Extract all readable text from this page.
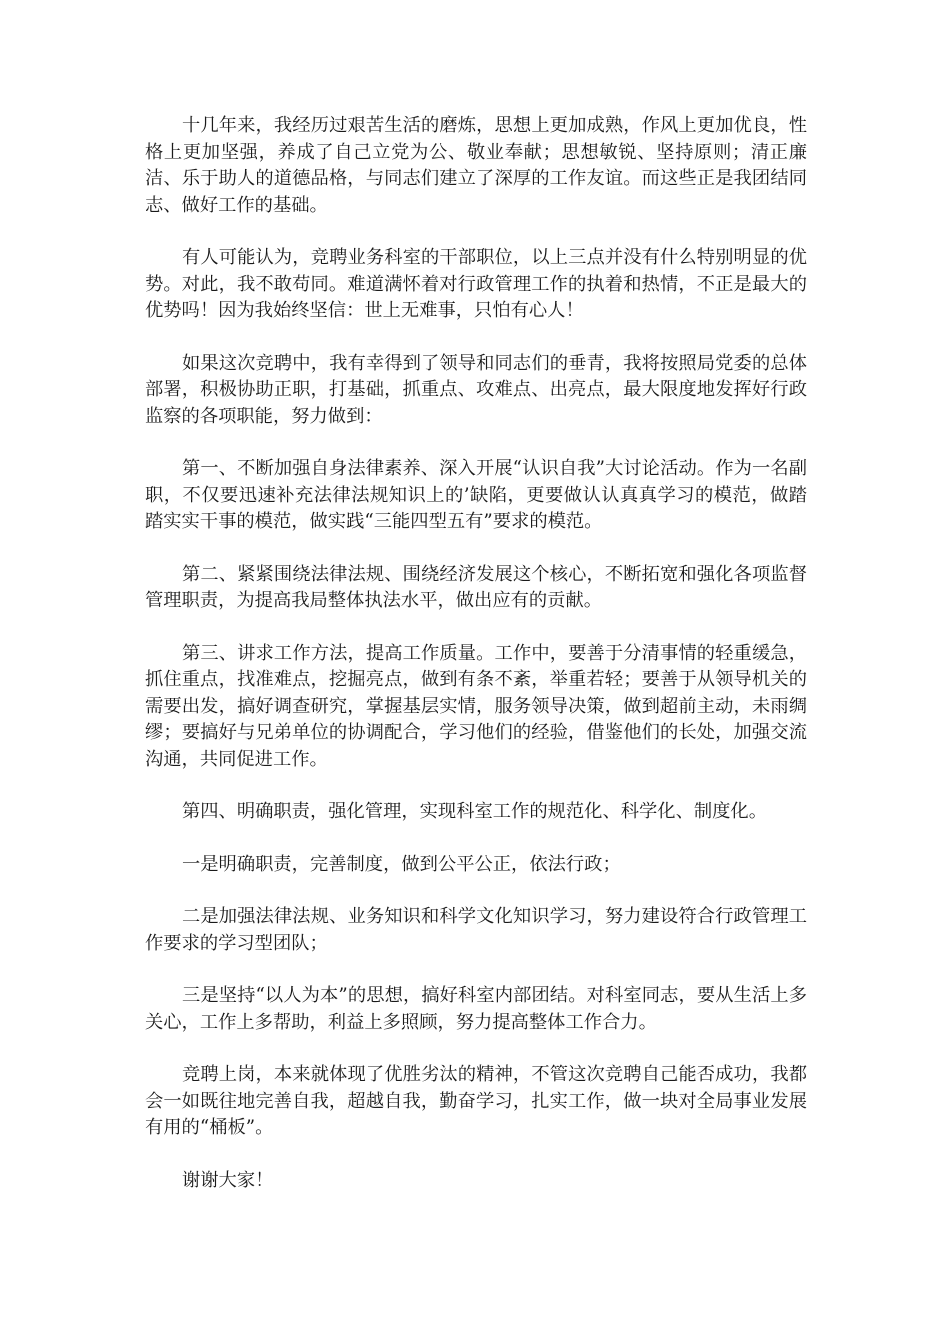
十几年来，我经历过艰苦生活的磨炼，思想上更加成熟，作风上更加优良，性格上更加坚强，养成了自己立党为公、敬业奉献；思想敏锐、坚持原则；清正廉洁、乐于助人的道德品格，与同志们建立了深厚的工作友谊。而这些正是我团结同志、做好工作的基础。

有人可能认为，竞聘业务科室的干部职位，以上三点并没有什么特别明显的优势。对此，我不敢苟同。难道满怀着对行政管理工作的执着和热情，不正是最大的优势吗！因为我始终坚信：世上无难事，只怕有心人！

如果这次竞聘中，我有幸得到了领导和同志们的垂青，我将按照局党委的总体部署，积极协助正职，打基础，抓重点、攻难点、出亮点，最大限度地发挥好行政监察的各项职能，努力做到：

第一、不断加强自身法律素养、深入开展“认识自我”大讨论活动。作为一名副职，不仅要迅速补充法律法规知识上的’缺陷，更要做认认真真学习的模范，做踏踏实实干事的模范，做实践“三能四型五有”要求的模范。

第二、紧紧围绕法律法规、围绕经济发展这个核心，不断拓宽和强化各项监督管理职责，为提高我局整体执法水平，做出应有的贡献。

第三、讲求工作方法，提高工作质量。工作中，要善于分清事情的轻重缓急，抓住重点，找准难点，挖掘亮点，做到有条不紊，举重若轻；要善于从领导机关的需要出发，搞好调查研究，掌握基层实情，服务领导决策，做到超前主动，未雨绸缪；要搞好与兄弟单位的协调配合，学习他们的经验，借鉴他们的长处，加强交流沟通，共同促进工作。

第四、明确职责，强化管理，实现科室工作的规范化、科学化、制度化。

一是明确职责，完善制度，做到公平公正，依法行政；

二是加强法律法规、业务知识和科学文化知识学习，努力建设符合行政管理工作要求的学习型团队；

三是坚持“以人为本”的思想，搞好科室内部团结。对科室同志，要从生活上多关心，工作上多帮助，利益上多照顾，努力提高整体工作合力。

竞聘上岗，本来就体现了优胜劣汰的精神，不管这次竞聘自己能否成功，我都会一如既往地完善自我，超越自我，勤奋学习，扎实工作，做一块对全局事业发展有用的“桶板”。

谢谢大家！
